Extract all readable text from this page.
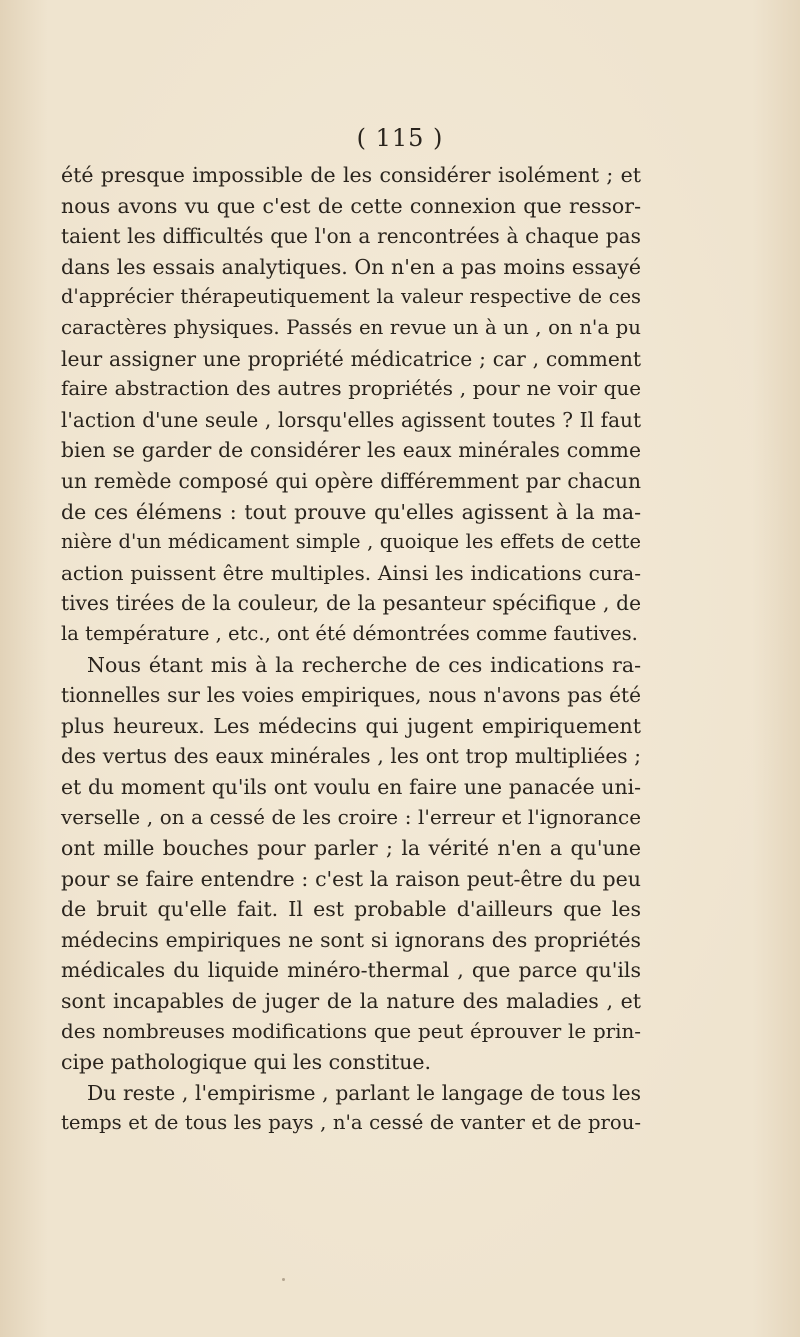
( 115 )
été presque impossible de les considérer isolément ; et
nous avons vu que c'est de cette connexion que ressor-
taient les difficultés que l'on a rencontrées à chaque pas
dans les essais analytiques. On n'en a pas moins essayé
d'apprécier thérapeutiquement la valeur respective de ces
caractères physiques. Passés en revue un à un , on n'a pu
leur assigner une propriété médicatrice ; car , comment
faire abstraction des autres propriétés , pour ne voir que
l'action d'une seule , lorsqu'elles agissent toutes ? Il faut
bien se garder de considérer les eaux minérales comme
un remède composé qui opère différemment par chacun
de ces élémens : tout prouve qu'elles agissent à la ma-
nière d'un médicament simple , quoique les effets de cette
action puissent être multiples. Ainsi les indications cura-
tives tirées de la couleur, de la pesanteur spécifique , de
la température , etc., ont été démontrées comme fautives.
Nous étant mis à la recherche de ces indications ra-
tionnelles sur les voies empiriques, nous n'avons pas été
plus heureux. Les médecins qui jugent empiriquement
des vertus des eaux minérales , les ont trop multipliées ;
et du moment qu'ils ont voulu en faire une panacée uni-
verselle , on a cessé de les croire : l'erreur et l'ignorance
ont mille bouches pour parler ; la vérité n'en a qu'une
pour se faire entendre : c'est la raison peut-être du peu
de bruit qu'elle fait. Il est probable d'ailleurs que les
médecins empiriques ne sont si ignorans des propriétés
médicales du liquide minéro-thermal , que parce qu'ils
sont incapables de juger de la nature des maladies , et
des nombreuses modifications que peut éprouver le prin-
cipe pathologique qui les constitue.
Du reste , l'empirisme , parlant le langage de tous les
temps et de tous les pays , n'a cessé de vanter et de prou-
